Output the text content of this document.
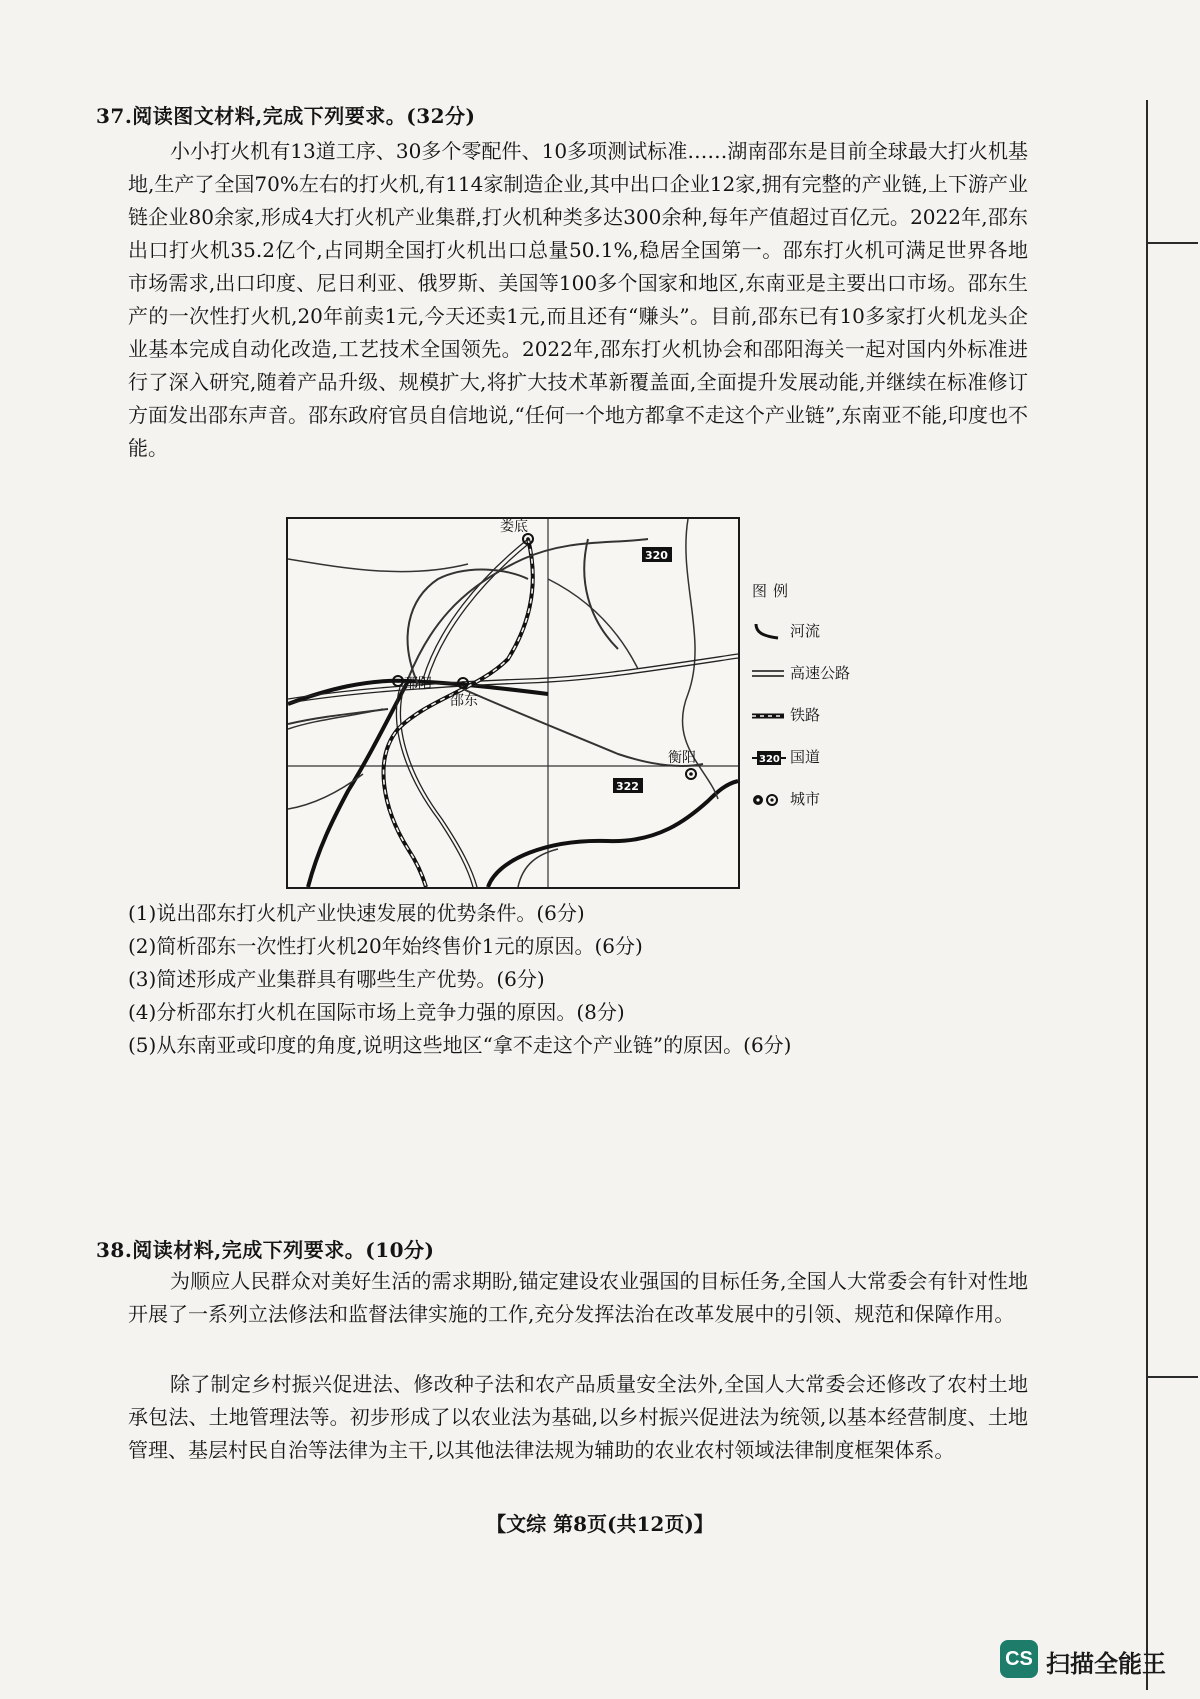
37.阅读图文材料,完成下列要求。(32分)
小小打火机有13道工序、30多个零配件、10多项测试标准……湖南邵东是目前全球最大打火机基地,生产了全国70%左右的打火机,有114家制造企业,其中出口企业12家,拥有完整的产业链,上下游产业链企业80余家,形成4大打火机产业集群,打火机种类多达300余种,每年产值超过百亿元。2022年,邵东出口打火机35.2亿个,占同期全国打火机出口总量50.1%,稳居全国第一。邵东打火机可满足世界各地市场需求,出口印度、尼日利亚、俄罗斯、美国等100多个国家和地区,东南亚是主要出口市场。邵东生产的一次性打火机,20年前卖1元,今天还卖1元,而且还有“赚头”。目前,邵东已有10多家打火机龙头企业基本完成自动化改造,工艺技术全国领先。2022年,邵东打火机协会和邵阳海关一起对国内外标准进行了深入研究,随着产品升级、规模扩大,将扩大技术革新覆盖面,全面提升发展动能,并继续在标准修订方面发出邵东声音。邵东政府官员自信地说,“任何一个地方都拿不走这个产业链”,东南亚不能,印度也不能。
娄底
邵阳
邵东
衡阳
320
322
图例
河流
高速公路
铁路
320 国道
城市
(1)说出邵东打火机产业快速发展的优势条件。(6分)
(2)简析邵东一次性打火机20年始终售价1元的原因。(6分)
(3)简述形成产业集群具有哪些生产优势。(6分)
(4)分析邵东打火机在国际市场上竞争力强的原因。(8分)
(5)从东南亚或印度的角度,说明这些地区“拿不走这个产业链”的原因。(6分)
38.阅读材料,完成下列要求。(10分)
为顺应人民群众对美好生活的需求期盼,锚定建设农业强国的目标任务,全国人大常委会有针对性地开展了一系列立法修法和监督法律实施的工作,充分发挥法治在改革发展中的引领、规范和保障作用。
除了制定乡村振兴促进法、修改种子法和农产品质量安全法外,全国人大常委会还修改了农村土地承包法、土地管理法等。初步形成了以农业法为基础,以乡村振兴促进法为统领,以基本经营制度、土地管理、基层村民自治等法律为主干,以其他法律法规为辅助的农业农村领域法律制度框架体系。
【文综 第8页(共12页)】
CS 扫描全能王
